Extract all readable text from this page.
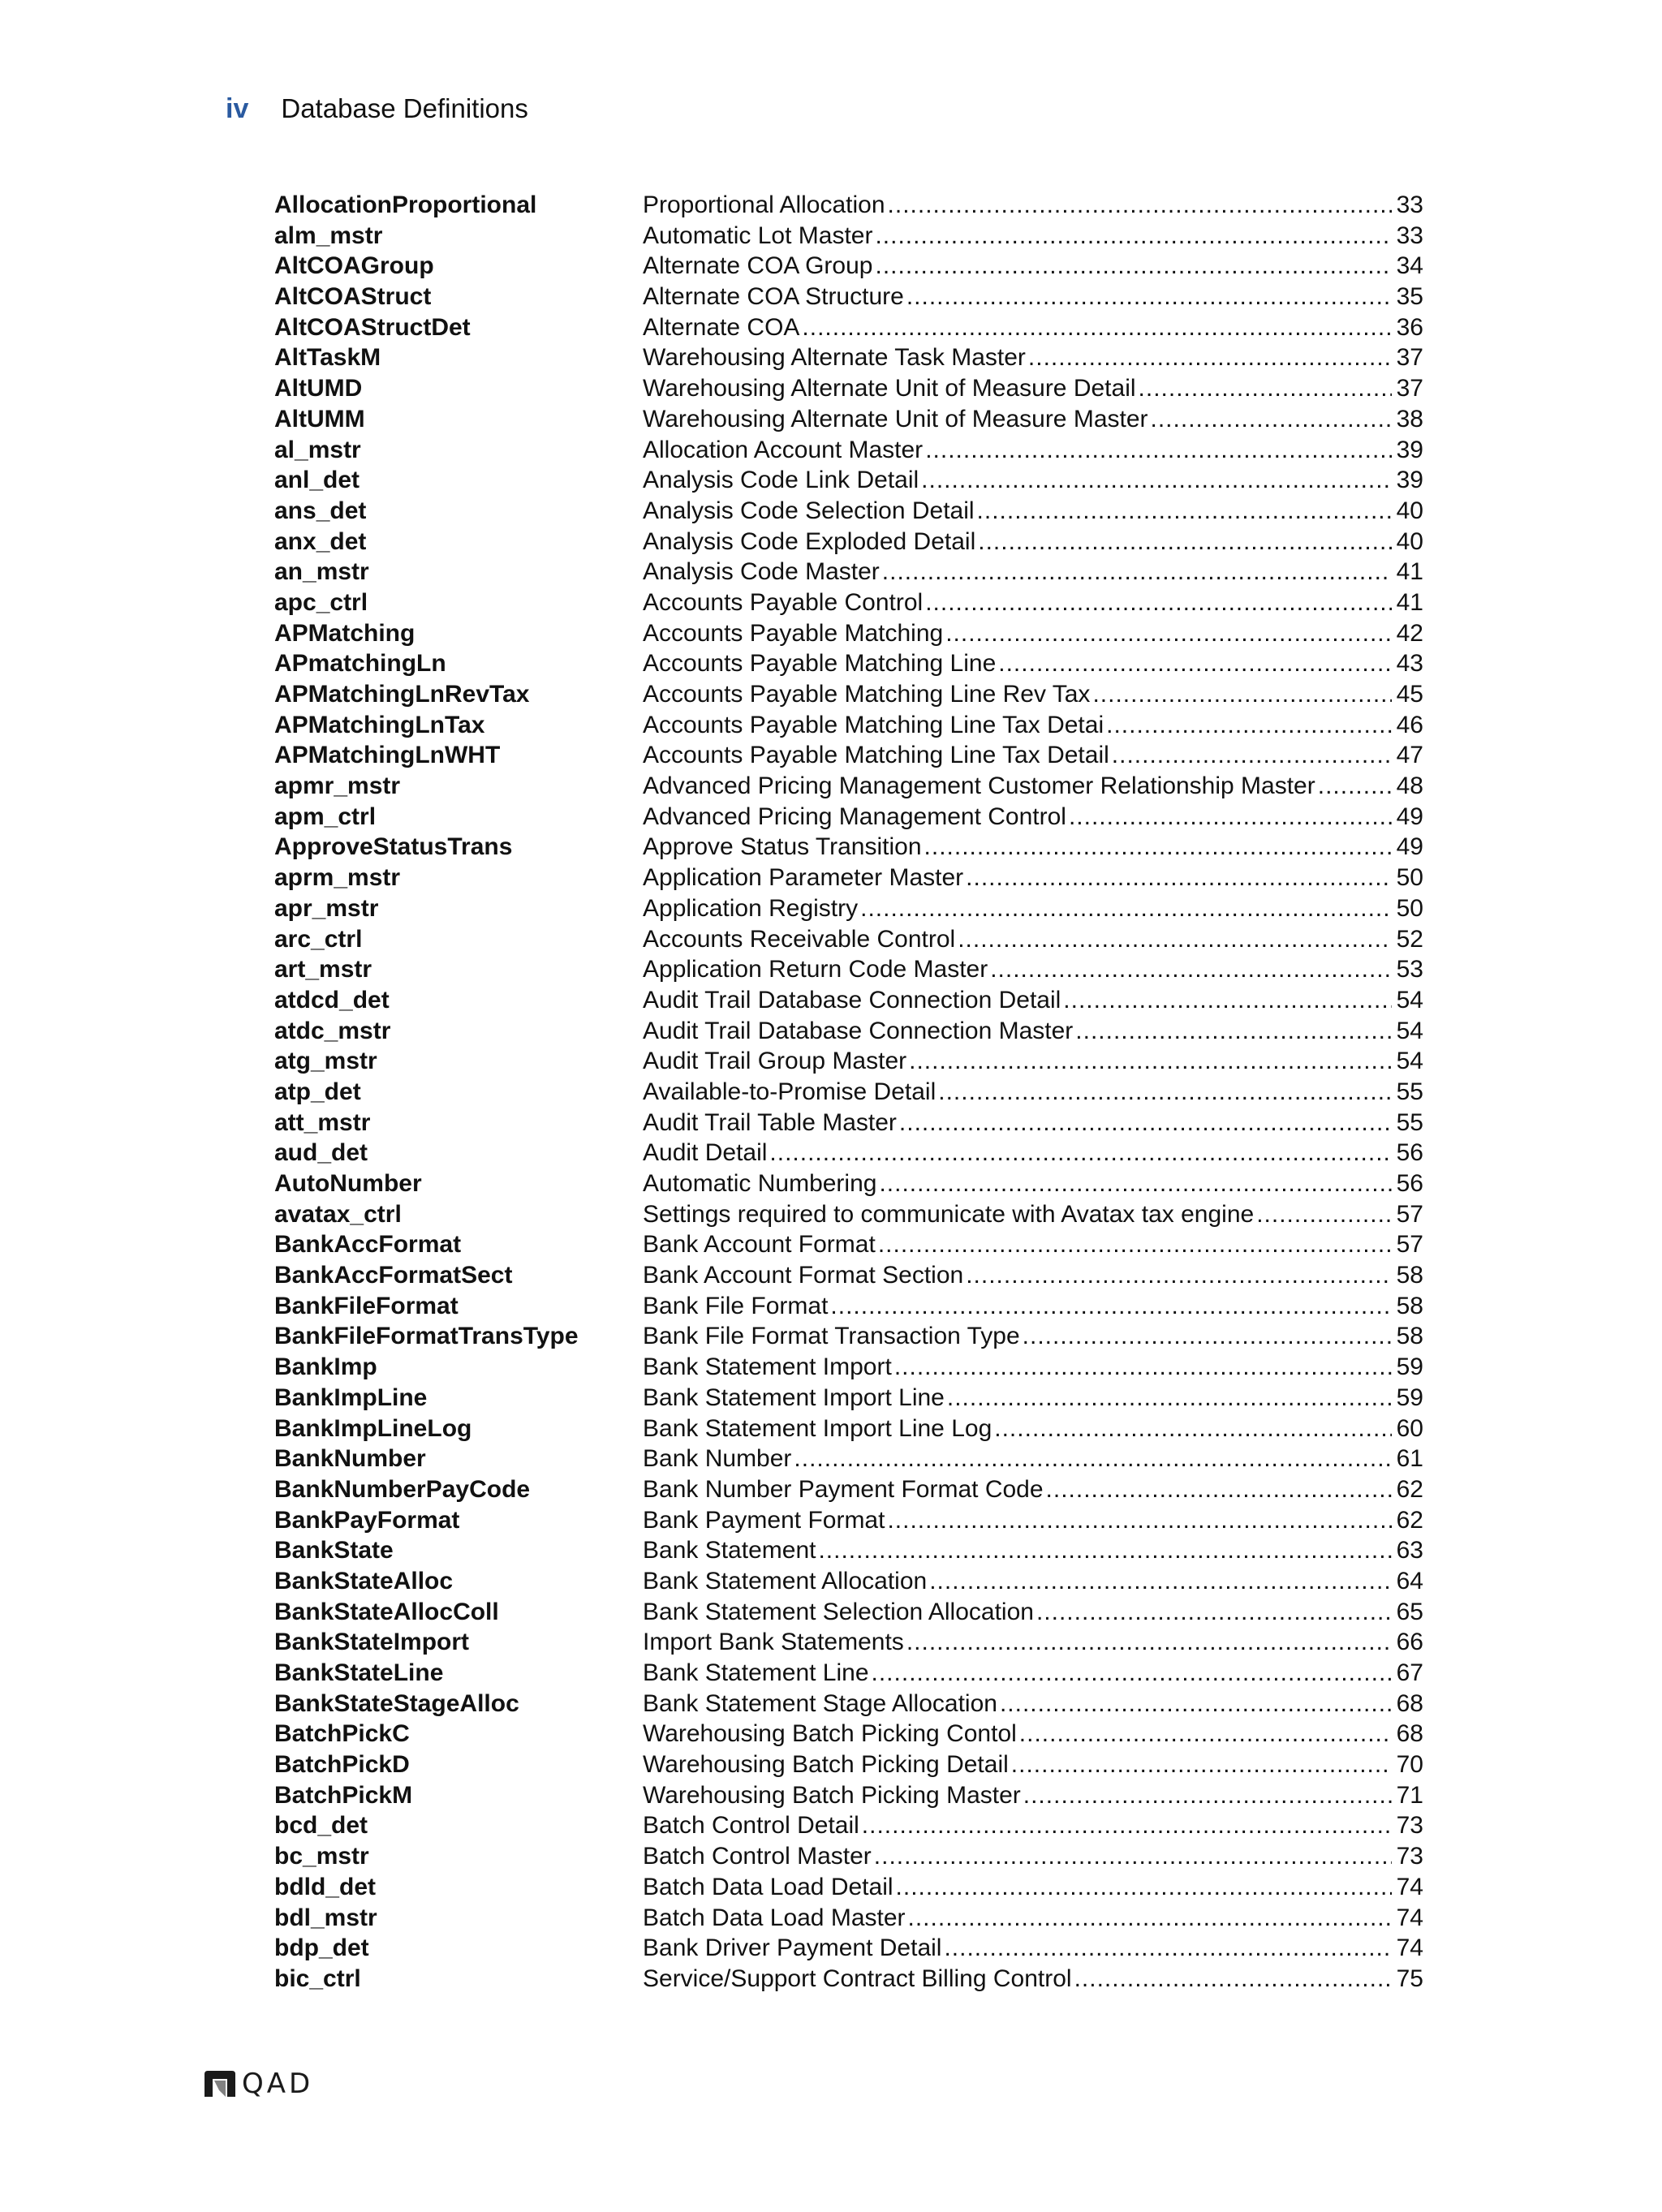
iv Database Definitions
AllocationProportional	Proportional Allocation .....	33
alm_mstr	Automatic Lot Master .....	33
AltCOAGroup	Alternate COA Group .....	34
AltCOAStruct	Alternate COA Structure .....	35
AltCOAStructDet	Alternate COA .....	36
AltTaskM	Warehousing Alternate Task Master .....	37
AltUMD	Warehousing Alternate Unit of Measure Detail .....	37
AltUMM	Warehousing Alternate Unit of Measure Master .....	38
al_mstr	Allocation Account Master .....	39
anl_det	Analysis Code Link Detail .....	39
ans_det	Analysis Code Selection Detail .....	40
anx_det	Analysis Code Exploded Detail .....	40
an_mstr	Analysis Code Master .....	41
apc_ctrl	Accounts Payable Control .....	41
APMatching	Accounts Payable Matching .....	42
APmatchingLn	Accounts Payable Matching Line .....	43
APMatchingLnRevTax	Accounts Payable Matching Line Rev Tax .....	45
APMatchingLnTax	Accounts Payable Matching Line Tax Detai .....	46
APMatchingLnWHT	Accounts Payable Matching Line Tax Detail .....	47
apmr_mstr	Advanced Pricing Management Customer Relationship Master .....	48
apm_ctrl	Advanced Pricing Management Control .....	49
ApproveStatusTrans	Approve Status Transition .....	49
aprm_mstr	Application Parameter Master .....	50
apr_mstr	Application Registry .....	50
arc_ctrl	Accounts Receivable Control .....	52
art_mstr	Application Return Code Master .....	53
atdcd_det	Audit Trail Database Connection Detail .....	54
atdc_mstr	Audit Trail Database Connection Master .....	54
atg_mstr	Audit Trail Group Master .....	54
atp_det	Available-to-Promise Detail .....	55
att_mstr	Audit Trail Table Master .....	55
aud_det	Audit Detail .....	56
AutoNumber	Automatic Numbering .....	56
avatax_ctrl	Settings required to communicate with Avatax tax engine .....	57
BankAccFormat	Bank Account Format .....	57
BankAccFormatSect	Bank Account Format Section .....	58
BankFileFormat	Bank File Format .....	58
BankFileFormatTransType	Bank File Format Transaction Type .....	58
BankImp	Bank Statement Import .....	59
BankImpLine	Bank Statement Import Line .....	59
BankImpLineLog	Bank Statement Import Line Log .....	60
BankNumber	Bank Number .....	61
BankNumberPayCode	Bank Number Payment Format Code .....	62
BankPayFormat	Bank Payment Format .....	62
BankState	Bank Statement .....	63
BankStateAlloc	Bank Statement Allocation .....	64
BankStateAllocColl	Bank Statement Selection Allocation .....	65
BankStateImport	Import Bank Statements .....	66
BankStateLine	Bank Statement Line .....	67
BankStateStageAlloc	Bank Statement Stage Allocation .....	68
BatchPickC	Warehousing Batch Picking Contol .....	68
BatchPickD	Warehousing Batch Picking Detail .....	70
BatchPickM	Warehousing Batch Picking Master .....	71
bcd_det	Batch Control Detail .....	73
bc_mstr	Batch Control Master .....	73
bdld_det	Batch Data Load Detail .....	74
bdl_mstr	Batch Data Load Master .....	74
bdp_det	Bank Driver Payment Detail .....	74
bic_ctrl	Service/Support Contract Billing Control .....	75
QAD
